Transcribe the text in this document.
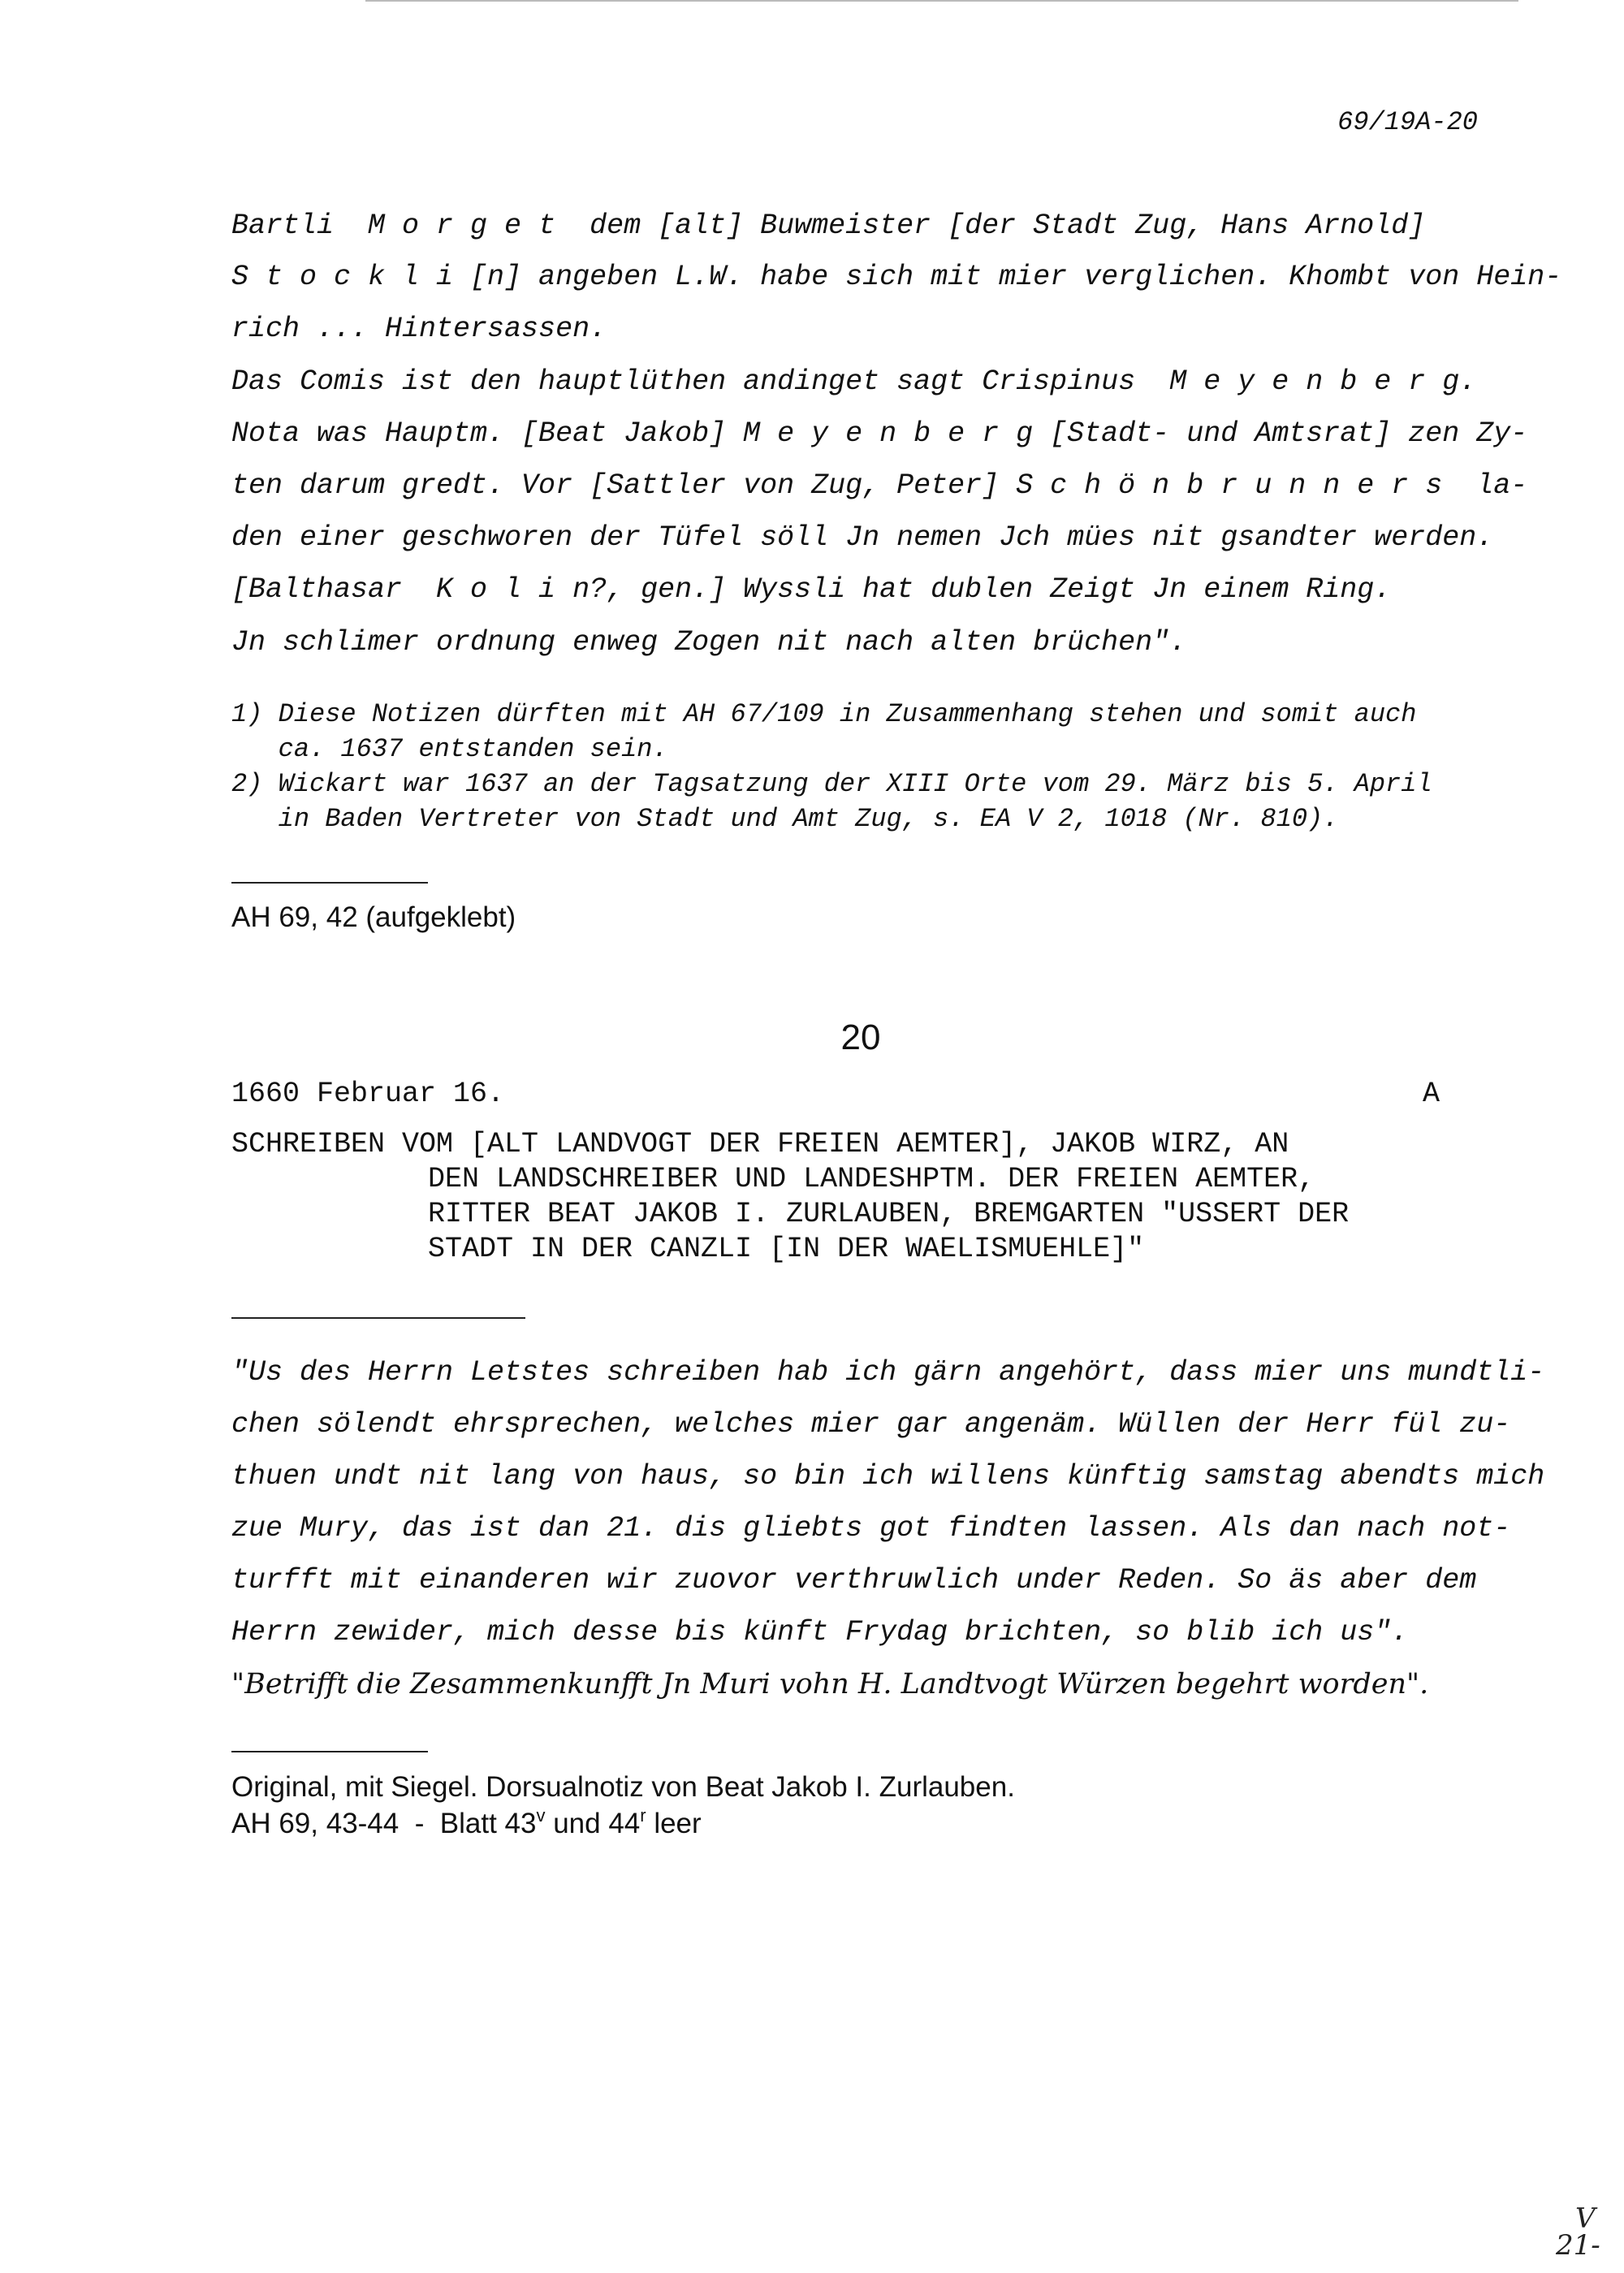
69/19A-20
Bartli  M o r g e t  dem [alt] Buwmeister [der Stadt Zug, Hans Arnold]
S t o c k l i [n] angeben L.W. habe sich mit mier verglichen. Khombt von Hein-
rich ... Hintersassen.
Das Comis ist den hauptlüthen andinget sagt Crispinus  M e y e n b e r g.
Nota was Hauptm. [Beat Jakob] M e y e n b e r g [Stadt- und Amtsrat] zen Zy-
ten darum gredt. Vor [Sattler von Zug, Peter] S c h ö n b r u n n e r s  la-
den einer geschworen der Tüfel söll Jn nemen Jch mües nit gsandter werden.
[Balthasar  K o l i n?, gen.] Wyssli hat dublen Zeigt Jn einem Ring.
Jn schlimer ordnung enweg Zogen nit nach alten brüchen".
1) Diese Notizen dürften mit AH 67/109 in Zusammenhang stehen und somit auch
ca. 1637 entstanden sein.
2) Wickart war 1637 an der Tagsatzung der XIII Orte vom 29. März bis 5. April
in Baden Vertreter von Stadt und Amt Zug, s. EA V 2, 1018 (Nr. 810).
AH 69, 42 (aufgeklebt)
20
1660 Februar 16.	A
SCHREIBEN VOM [ALT LANDVOGT DER FREIEN AEMTER], JAKOB WIRZ, AN
DEN LANDSCHREIBER UND LANDESHPTM. DER FREIEN AEMTER,
RITTER BEAT JAKOB I. ZURLAUBEN, BREMGARTEN "USSERT DER
STADT IN DER CANZLI [IN DER WAELISMUEHLE]"
"Us des Herrn Letstes schreiben hab ich gärn angehört, dass mier uns mundtli-
chen sölendt ehrsprechen, welches mier gar angenäm. Wüllen der Herr fül zu-
thuen undt nit lang von haus, so bin ich willens künftig samstag abendts mich
zue Mury, das ist dan 21. dis gliebts got findten lassen. Als dan nach not-
turfft mit einanderen wir zuovor verthruwlich under Reden. So äs aber dem
Herrn zewider, mich desse bis künft Frydag brichten, so blib ich us".
"Betrifft die Zesammenkunfft Jn Muri vohn H. Landtvogt Würzen begehrt worden".
Original, mit Siegel. Dorsualnotiz von Beat Jakob I. Zurlauben.
AH 69, 43-44  -  Blatt 43$^v$ und 44$^r$ leer
V
21-
